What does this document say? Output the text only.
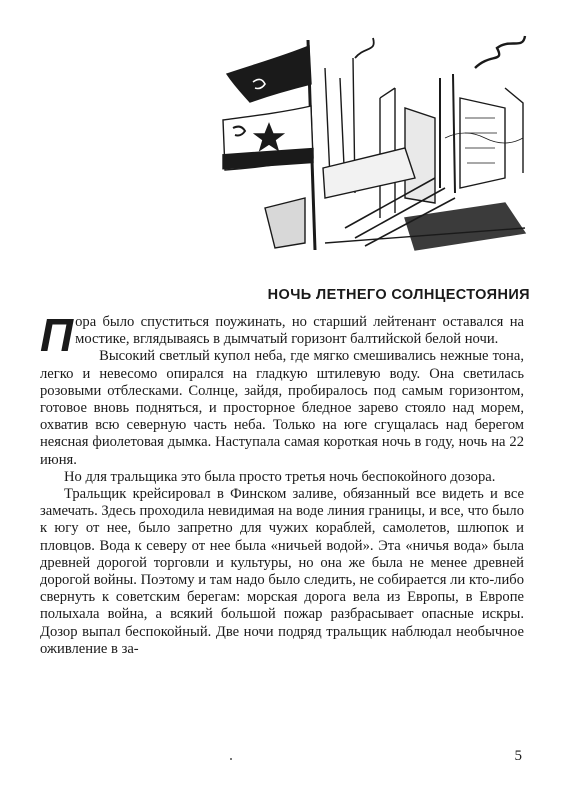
НОЧЬ ЛЕТНЕГО СОЛНЦЕСТОЯНИЯ

Пора было спуститься поужинать, но старший лейтенант оставался на мостике, вглядываясь в дымчатый горизонт балтийской белой ночи.

Высокий светлый купол неба, где мягко смешивались нежные тона, легко и невесомо опирался на гладкую штилевую воду. Она светилась розовыми отблесками. Солнце, зайдя, пробиралось под самым горизонтом, готовое вновь подняться, и просторное бледное зарево стояло над морем, охватив всю северную часть неба. Только на юге сгущалась над берегом неясная фиолетовая дымка. Наступала самая короткая ночь в году, ночь на 22 июня.

Но для тральщика это была просто третья ночь беспокойного дозора.

Тральщик крейсировал в Финском заливе, обязанный все видеть и все замечать. Здесь проходила невидимая на воде линия границы, и все, что было к югу от нее, было запретно для чужих кораблей, самолетов, шлюпок и пловцов. Вода к северу от нее была «ничьей водой». Эта «ничья вода» была древней дорогой торговли и культуры, но она же была не менее древней дорогой войны. Поэтому и там надо было следить, не собирается ли кто-либо свернуть к советским берегам: морская дорога вела из Европы, в Европе полыхала война, а всякий большой пожар разбрасывает опасные искры. Дозор выпал беспокойный. Две ночи подряд тральщик наблюдал необычное оживление в за-

5
